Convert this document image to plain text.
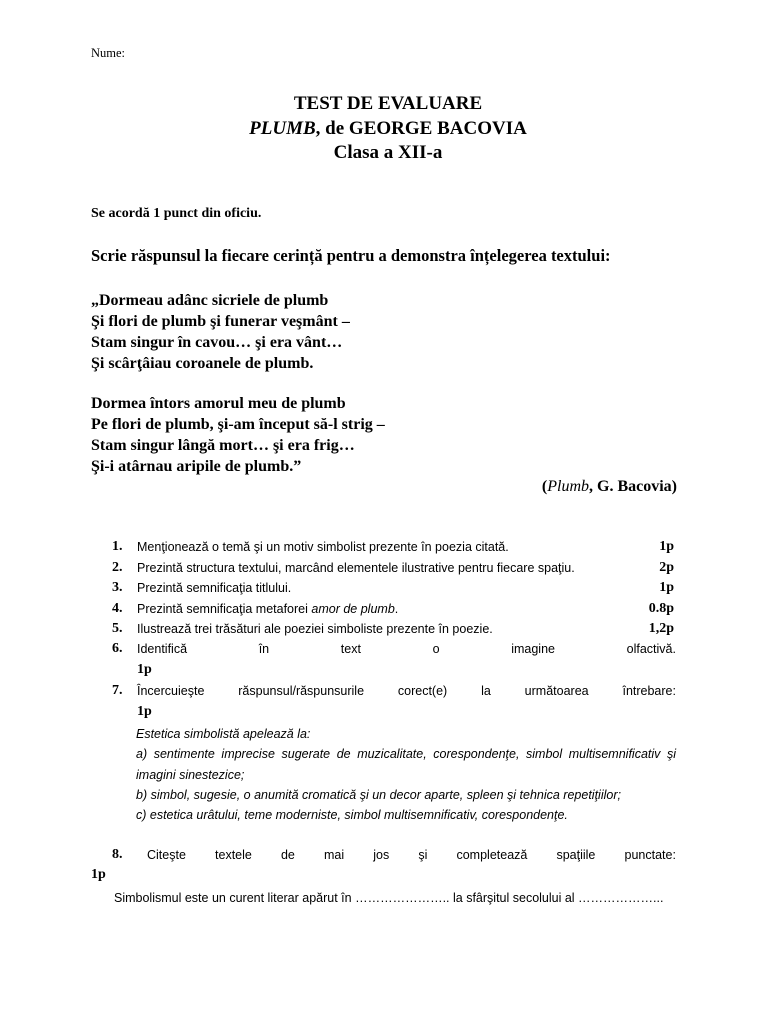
Nume:
TEST DE EVALUARE
PLUMB, de GEORGE BACOVIA
Clasa a XII-a
Se acordă 1 punct din oficiu.
Scrie răspunsul la fiecare cerință pentru a demonstra înțelegerea textului:
„Dormeau adânc sicriele de plumb
Şi flori de plumb şi funerar veşmânt –
Stam singur în cavou… şi era vânt…
Şi scârţâiau coroanele de plumb.
Dormea întors amorul meu de plumb
Pe flori de plumb, şi-am început să-l strig –
Stam singur lângă mort… şi era frig…
Şi-i atârnau aripile de plumb.”
(Plumb, G. Bacovia)
1.	Menţionează o temă şi un motiv simbolist prezente în poezia citată.	1p
2.	Prezintă structura textului, marcând elementele ilustrative pentru fiecare spaţiu.	2p
3.	Prezintă semnificaţia titlului.	1p
4.	Prezintă semnificaţia metaforei amor de plumb.	0.8p
5.	Ilustrează trei trăsături ale poeziei simboliste prezente în poezie.	1,2p
6. Identifică	în	text	o	imagine	olfactivă.
1p
7. Încercuieşte	răspunsul/răspunsurile	corect(e)	la	următoarea	întrebare:
1p
Estetica simbolistă apelează la:
a) sentimente imprecise sugerate de muzicalitate, corespondenţe, simbol multisemnificativ şi imagini sinestezice;
b) simbol, sugesie, o anumită cromatică şi un decor aparte, spleen şi tehnica repetiţiilor;
c) estetica urâtului, teme moderniste, simbol multisemnificativ, corespondenţe.
8. Citeşte textele de mai jos şi completează spaţiile punctate:
1p
Simbolismul este un curent literar apărut în ………………….. la sfârşitul secolului al ………………...
